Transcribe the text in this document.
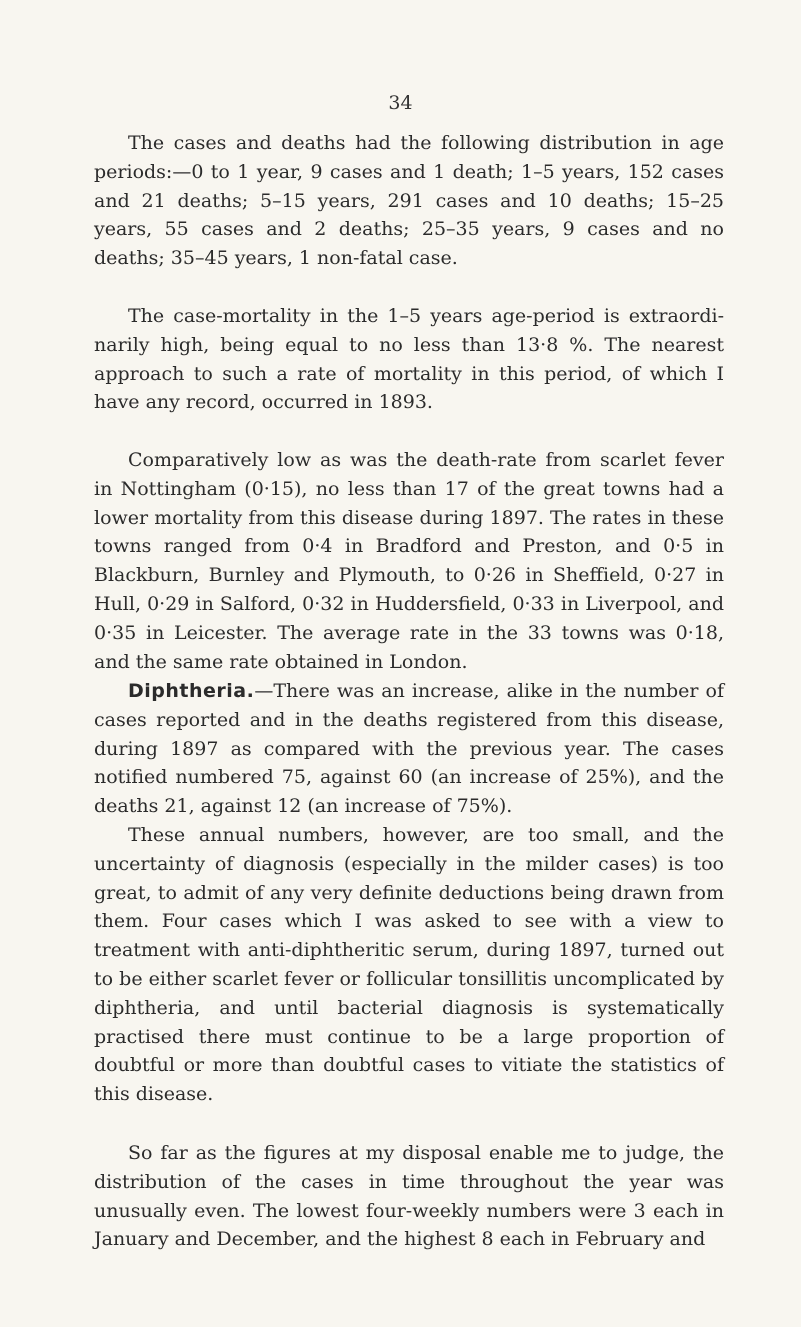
34

The cases and deaths had the following distribution in age periods:—0 to 1 year, 9 cases and 1 death; 1–5 years, 152 cases and 21 deaths; 5–15 years, 291 cases and 10 deaths; 15–25 years, 55 cases and 2 deaths; 25–35 years, 9 cases and no deaths; 35–45 years, 1 non-fatal case.

The case-mortality in the 1–5 years age-period is extraordi-narily high, being equal to no less than 13·8 %. The nearest approach to such a rate of mortality in this period, of which I have any record, occurred in 1893.

Comparatively low as was the death-rate from scarlet fever in Nottingham (0·15), no less than 17 of the great towns had a lower mortality from this disease during 1897. The rates in these towns ranged from 0·4 in Bradford and Preston, and 0·5 in Blackburn, Burnley and Plymouth, to 0·26 in Sheffield, 0·27 in Hull, 0·29 in Salford, 0·32 in Huddersfield, 0·33 in Liverpool, and 0·35 in Leicester. The average rate in the 33 towns was 0·18, and the same rate obtained in London.

Diphtheria.—There was an increase, alike in the number of cases reported and in the deaths registered from this disease, during 1897 as compared with the previous year. The cases notified numbered 75, against 60 (an increase of 25%), and the deaths 21, against 12 (an increase of 75%).

These annual numbers, however, are too small, and the uncertainty of diagnosis (especially in the milder cases) is too great, to admit of any very definite deductions being drawn from them. Four cases which I was asked to see with a view to treatment with anti-diphtheritic serum, during 1897, turned out to be either scarlet fever or follicular tonsillitis uncomplicated by diphtheria, and until bacterial diagnosis is systematically practised there must continue to be a large proportion of doubtful or more than doubtful cases to vitiate the statistics of this disease.

So far as the figures at my disposal enable me to judge, the distribution of the cases in time throughout the year was unusually even. The lowest four-weekly numbers were 3 each in January and December, and the highest 8 each in February and
